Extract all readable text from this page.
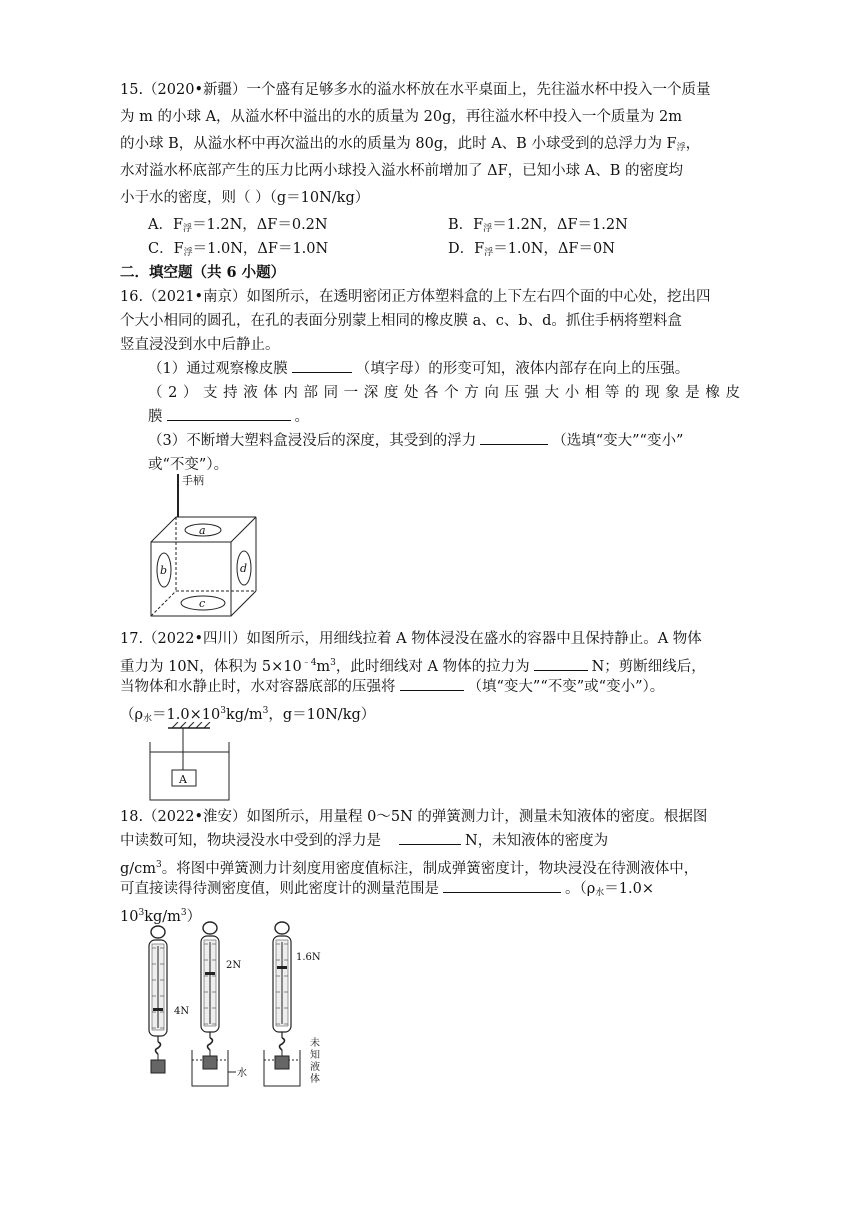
15.（2020•新疆）一个盛有足够多水的溢水杯放在水平桌面上，先往溢水杯中投入一个质量
为 m 的小球 A，从溢水杯中溢出的水的质量为 20g，再往溢水杯中投入一个质量为 2m
的小球 B，从溢水杯中再次溢出的水的质量为 80g，此时 A、B 小球受到的总浮力为 $F_浮$，
水对溢水杯底部产生的压力比两小球投入溢水杯前增加了 ΔF，已知小球 A、B 的密度均
小于水的密度，则（ ）（g＝10N/kg）
A．$F_浮=1.2N$，ΔF＝0.2N	B．$F_浮=1.2N$，ΔF＝1.2N
C．$F_浮=1.0N$，ΔF＝1.0N	D．$F_浮=1.0N$，ΔF＝0N
二．填空题（共 6 小题）
16.（2021•南京）如图所示，在透明密闭正方体塑料盒的上下左右四个面的中心处，挖出四
个大小相同的圆孔，在孔的表面分别蒙上相同的橡皮膜 a、c、b、d。抓住手柄将塑料盒
竖直浸没到水中后静止。
（1）通过观察橡皮膜	（填字母）的形变可知，液体内部存在向上的压强。
（2）支持液体内部同一深度处各个方向压强大小相等的现象是橡皮
膜	。
（3）不断增大塑料盒浸没后的深度，其受到的浮力	（选填“变大”“变小”
或“不变”）。
手柄
a
b	d
c
17.（2022•四川）如图所示，用细线拉着 A 物体浸没在盛水的容器中且保持静止。A 物体
重力为 10N，体积为 $5\times 10^{﹣4}m^3$，此时细线对 A 物体的拉力为	N；剪断细线后，
当物体和水静止时，水对容器底部的压强将	（填“变大”“不变”或“变小”）。
（$\rho_水=1.0\times 10^3kg/m^3$，g＝10N/kg）
A
18.（2022•淮安）如图所示，用量程 0～5N 的弹簧测力计，测量未知液体的密度。根据图
中读数可知，物块浸没水中受到的浮力是	N，未知液体的密度为
$g/cm^3$。将图中弹簧测力计刻度用密度值标注，制成弹簧密度计，物块浸没在待测液体中，
可直接读得待测密度值，则此密度计的测量范围是	。（$\rho_水=1.0\times$
$10^3kg/m^3$）
4N
2N
1.6N
水
未
知
液
体
